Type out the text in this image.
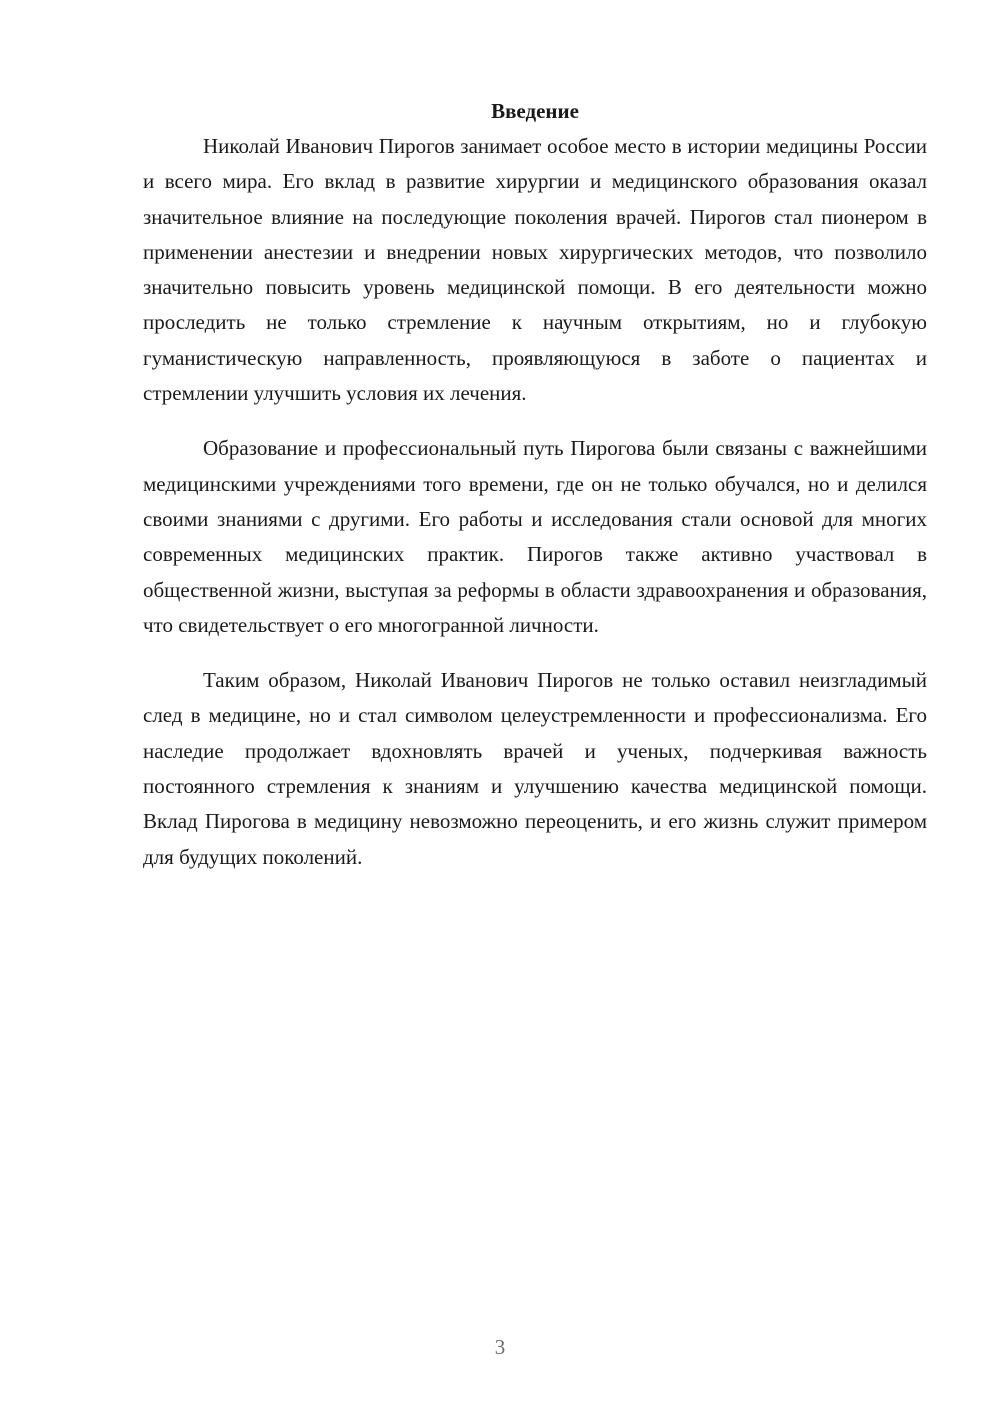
Введение

Николай Иванович Пирогов занимает особое место в истории медицины России и всего мира. Его вклад в развитие хирургии и медицинского образования оказал значительное влияние на последующие поколения врачей. Пирогов стал пионером в применении анестезии и внедрении новых хирургических методов, что позволило значительно повысить уровень медицинской помощи. В его деятельности можно проследить не только стремление к научным открытиям, но и глубокую гуманистическую направленность, проявляющуюся в заботе о пациентах и стремлении улучшить условия их лечения.

Образование и профессиональный путь Пирогова были связаны с важнейшими медицинскими учреждениями того времени, где он не только обучался, но и делился своими знаниями с другими. Его работы и исследования стали основой для многих современных медицинских практик. Пирогов также активно участвовал в общественной жизни, выступая за реформы в области здравоохранения и образования, что свидетельствует о его многогранной личности.

Таким образом, Николай Иванович Пирогов не только оставил неизгладимый след в медицине, но и стал символом целеустремленности и профессионализма. Его наследие продолжает вдохновлять врачей и ученых, подчеркивая важность постоянного стремления к знаниям и улучшению качества медицинской помощи. Вклад Пирогова в медицину невозможно переоценить, и его жизнь служит примером для будущих поколений.

3
